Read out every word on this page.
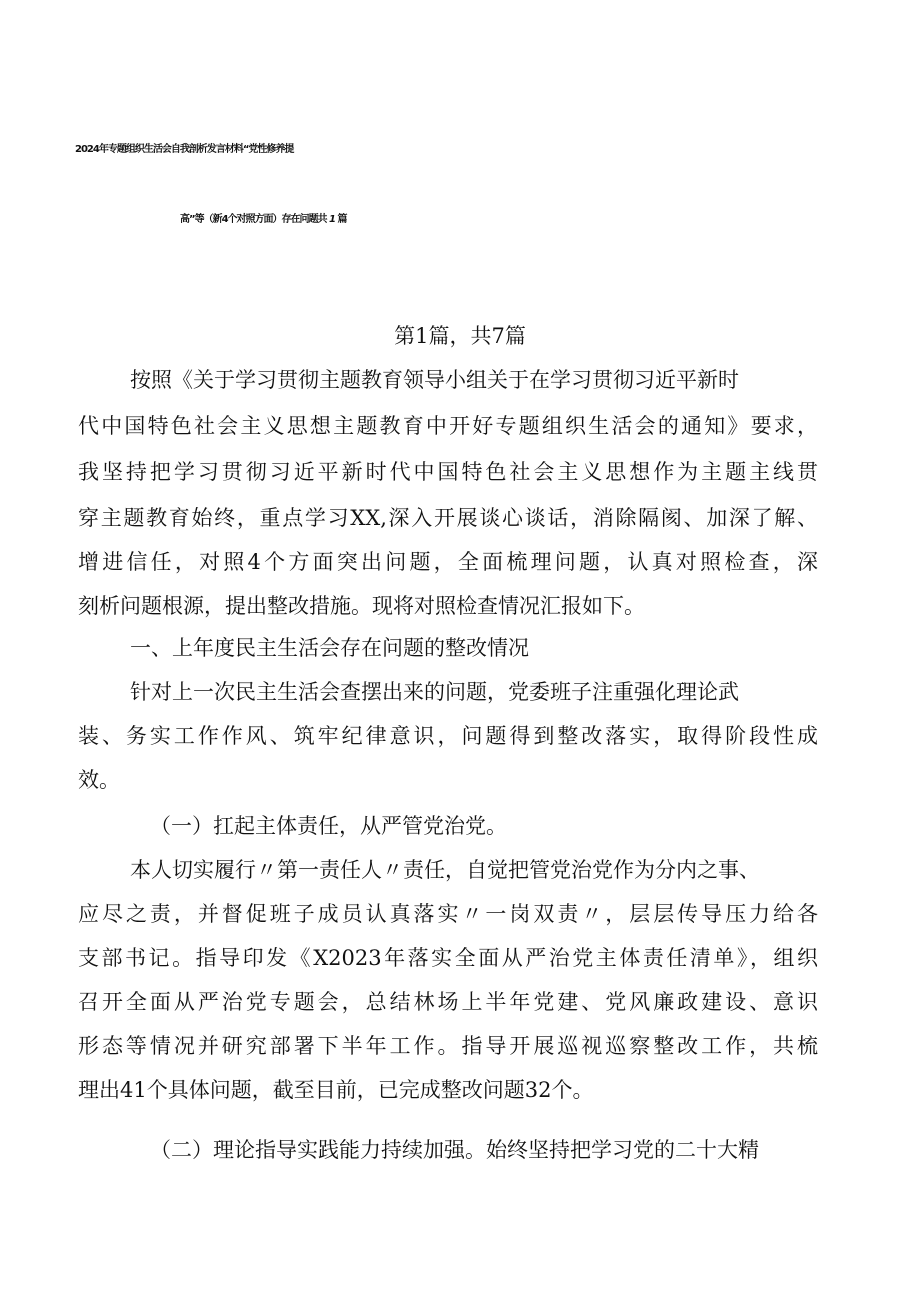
2024年专题组织生活会自我剖析发言材料“党性修养提
高”等（新4个对照方面）存在问题共 1 篇
第1篇，共7篇
按照《关于学习贯彻主题教育领导小组关于在学习贯彻习近平新时
代中国特色社会主义思想主题教育中开好专题组织生活会的通知》要求，
我坚持把学习贯彻习近平新时代中国特色社会主义思想作为主题主线贯
穿主题教育始终，重点学习XX,深入开展谈心谈话，消除隔阂、加深了解、
增进信任，对照4个方面突出问题，全面梳理问题，认真对照检查，深
刻析问题根源，提出整改措施。现将对照检查情况汇报如下。
一、上年度民主生活会存在问题的整改情况
针对上一次民主生活会查摆出来的问题，党委班子注重强化理论武
装、务实工作作风、筑牢纪律意识，问题得到整改落实，取得阶段性成
效。
（一）扛起主体责任，从严管党治党。
本人切实履行〃第一责任人〃责任，自觉把管党治党作为分内之事、
应尽之责，并督促班子成员认真落实〃一岗双责〃，层层传导压力给各
支部书记。指导印发《X2023年落实全面从严治党主体责任清单》，组织
召开全面从严治党专题会，总结林场上半年党建、党风廉政建设、意识
形态等情况并研究部署下半年工作。指导开展巡视巡察整改工作，共梳
理出41个具体问题，截至目前，已完成整改问题32个。
（二）理论指导实践能力持续加强。始终坚持把学习党的二十大精
